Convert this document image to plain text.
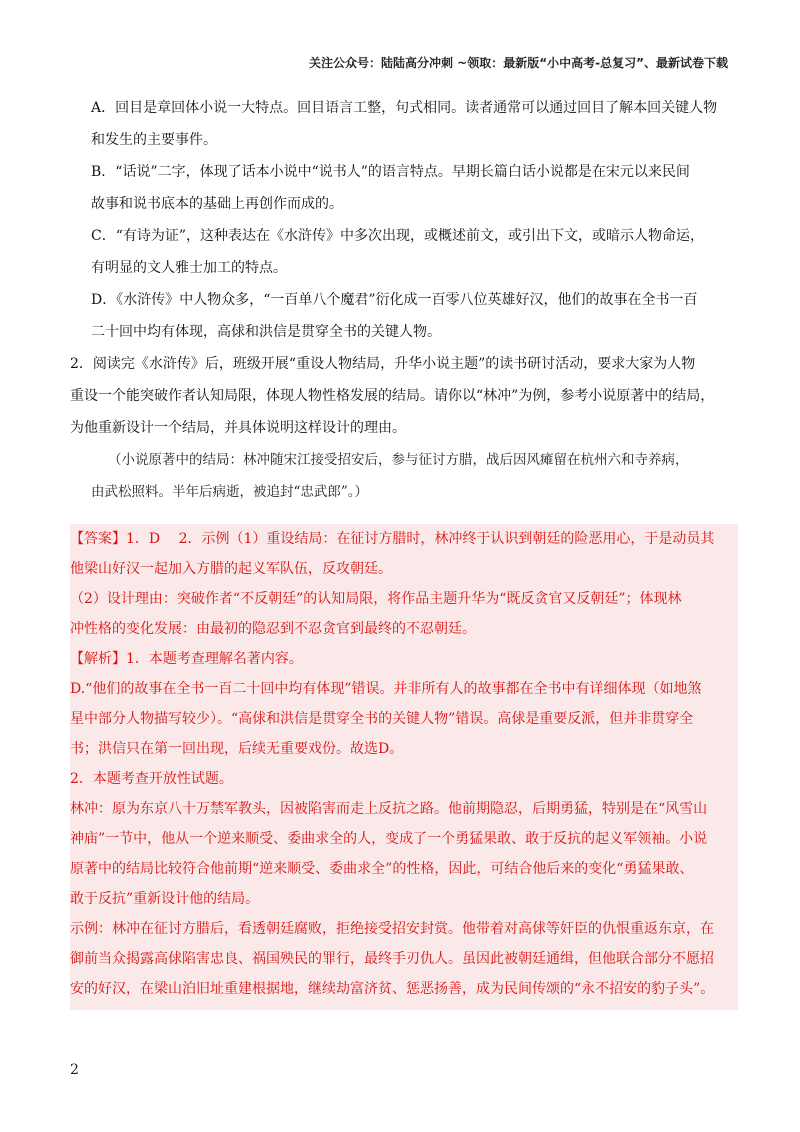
关注公众号：陆陆高分冲刺 ~领取：最新版“小中高考-总复习”、最新试卷下载

A．回目是章回体小说一大特点。回目语言工整，句式相同。读者通常可以通过回目了解本回关键人物

和发生的主要事件。

B．“话说”二字，体现了话本小说中“说书人”的语言特点。早期长篇白话小说都是在宋元以来民间

故事和说书底本的基础上再创作而成的。

C．“有诗为证”，这种表达在《水浒传》中多次出现，或概述前文，或引出下文，或暗示人物命运，

有明显的文人雅士加工的特点。

D．《水浒传》中人物众多，“一百单八个魔君”衍化成一百零八位英雄好汉，他们的故事在全书一百

二十回中均有体现，高俅和洪信是贯穿全书的关键人物。

2．阅读完《水浒传》后，班级开展“重设人物结局，升华小说主题”的读书研讨活动，要求大家为人物

重设一个能突破作者认知局限，体现人物性格发展的结局。请你以“林冲”为例，参考小说原著中的结局，

为他重新设计一个结局，并具体说明这样设计的理由。

（小说原著中的结局：林冲随宋江接受招安后，参与征讨方腊，战后因风瘫留在杭州六和寺养病，

由武松照料。半年后病逝，被追封“忠武郎”。）

【答案】1．D　 2．示例（1）重设结局：在征讨方腊时，林冲终于认识到朝廷的险恶用心，于是动员其

他梁山好汉一起加入方腊的起义军队伍，反攻朝廷。

（2）设计理由：突破作者“不反朝廷”的认知局限，将作品主题升华为“既反贪官又反朝廷”；体现林

冲性格的变化发展：由最初的隐忍到不忍贪官到最终的不忍朝廷。

【解析】1．本题考查理解名著内容。

D.“他们的故事在全书一百二十回中均有体现”错误。并非所有人的故事都在全书中有详细体现（如地煞

星中部分人物描写较少）。“高俅和洪信是贯穿全书的关键人物”错误。高俅是重要反派，但并非贯穿全

书；洪信只在第一回出现，后续无重要戏份。故选D。

2．本题考查开放性试题。

林冲：原为东京八十万禁军教头，因被陷害而走上反抗之路。他前期隐忍，后期勇猛，特别是在“风雪山

神庙”一节中，他从一个逆来顺受、委曲求全的人，变成了一个勇猛果敢、敢于反抗的起义军领袖。小说

原著中的结局比较符合他前期“逆来顺受、委曲求全”的性格，因此，可结合他后来的变化“勇猛果敢、

敢于反抗”重新设计他的结局。

示例：林冲在征讨方腊后，看透朝廷腐败，拒绝接受招安封赏。他带着对高俅等奸臣的仇恨重返东京，在

御前当众揭露高俅陷害忠良、祸国殃民的罪行，最终手刃仇人。虽因此被朝廷通缉，但他联合部分不愿招

安的好汉，在梁山泊旧址重建根据地，继续劫富济贫、惩恶扬善，成为民间传颂的“永不招安的豹子头”。

2
